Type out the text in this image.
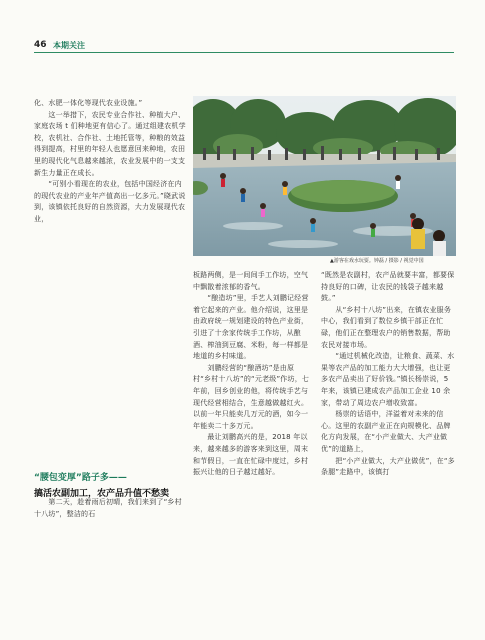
46 本期关注

化、水肥一体化等现代农业设施。”

　　这一举措下，农民专业合作社、种植大户、家庭农场 t 们种地更有信心了。通过组建农机学校，农机社、合作社、土地托管等，种粮的效益得到提高，村里的年轻人也愿意回来种地，农田里的现代化气息越来越浓，农业发展中的一支支新生力量正在成长。

　　“可别小看现在的农业，包括中国经济在内的现代农业的产业年产值高出一亿多元。”晓武说到，该镇依托良好的自然资源，大力发展现代农业，

▲游客在戏水玩耍。钟磊 / 摄影 / 视觉中国

板路两侧，是一间间手工作坊，空气中飘散着浓郁的香气。

　　“酿造坊”里，手艺人刘鹏记经营着它起来的产业。他介绍说，这里是由政府统一规划建设的特色产业街，引进了十余家传统手工作坊，从酿酒、榨油到豆腐、米粉，每一样都是地道的乡村味道。

　　刘鹏经营的“酿酒坊”是由原村“乡村十八坊”的“元老级”作坊，七年前，回乡创业的他，将传统手艺与现代经营相结合，生意越做越红火。以前一年只能卖几万元的酒，如今一年能卖二十多万元。

　　最让刘鹏高兴的是，2018 年以来，越来越多的游客来到这里，周末和节假日，一直在忙碌中度过，乡村振兴让他的日子越过越好。

“既然是农副村，农产品就要丰富，都要保持良好的口碑，让农民的钱袋子越来越鼓。”

　　从“乡村十八坊”出来，在镇农业服务中心，我们看到了数位乡镇干部正在忙碌，他们正在整理农户的销售数据，帮助农民对接市场。

　　“通过机械化改造，让粮食、蔬菜、水果等农产品的加工能力大大增强，也让更多农产品卖出了好价钱。”镇长杨崇说，5 年来，该镇已建成农产品加工企业 10 余家，带动了周边农户增收致富。

　　杨崇的话语中，洋溢着对未来的信心。这里的农副产业正在向规模化、品牌化方向发展，在“小产业做大、大产业做优”的道路上，

　　把“小产业做大，大产业做优”，在“多条腿”走路中，该镇打

“腰包变厚”路子多——
搞活农副加工，农产品升值不愁卖

　　第二天，趁着雨后初晴，我们来到了“乡村十八坊”，整洁的石
